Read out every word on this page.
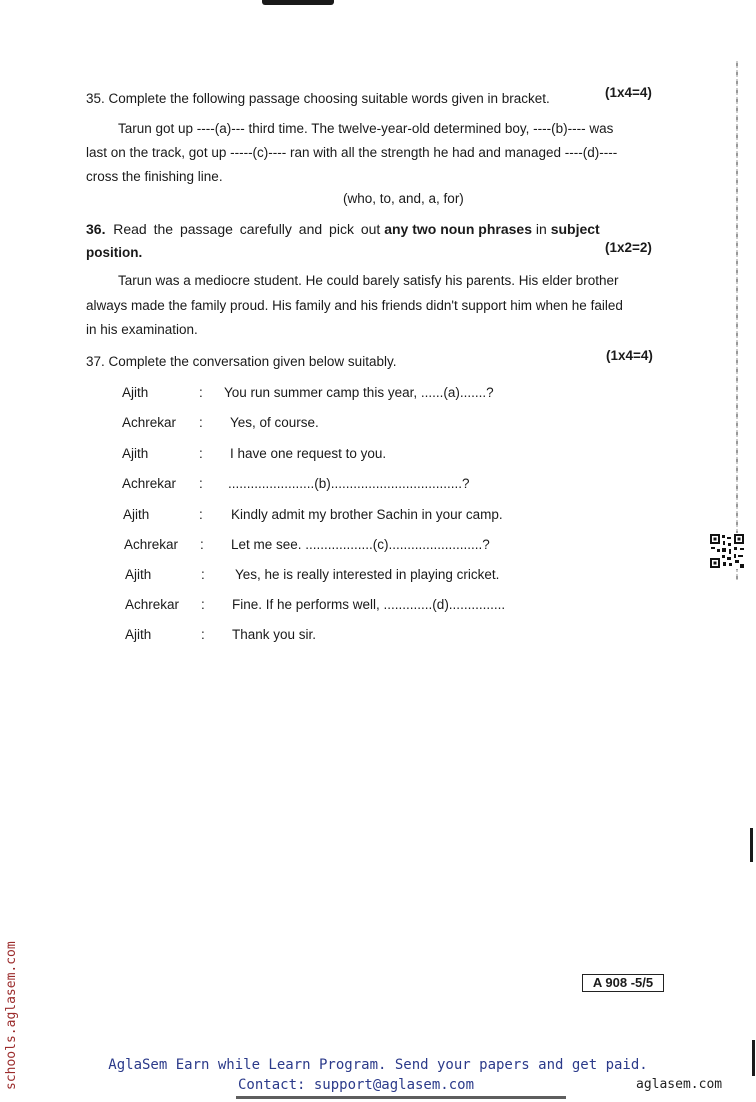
35. Complete the following passage choosing suitable words given in bracket.	(1x4=4)
Tarun got up ----(a)--- third time. The twelve-year-old determined boy, ----(b)---- was
last on the track, got up -----(c)---- ran with all the strength he had and managed ----(d)----
cross the finishing line.
(who, to, and, a, for)
36. Read the passage carefully and pick out any two noun phrases in subject
position.	(1x2=2)
Tarun was a mediocre student. He could barely satisfy his parents. His elder brother
always made the family proud. His family and his friends didn't support him when he failed
in his examination.
37. Complete the conversation given below suitably.	(1x4=4)
Ajith	: You run summer camp this year, ......(a).......?
Achrekar : Yes, of course.
Ajith	: I have one request to you.
Achrekar : .......................(b)...................................?
Ajith	: Kindly admit my brother Sachin in your camp.
Achrekar : Let me see. ..................(c).........................?
Ajith	: Yes, he is really interested in playing cricket.
Achrekar : Fine. If he performs well, .............(d)...............
Ajith	: Thank you sir.
A 908 -5/5
schools.aglasem.com	AglaSem Earn while Learn Program. Send your papers and get paid.
Contact: support@aglasem.com	aglasem.com
